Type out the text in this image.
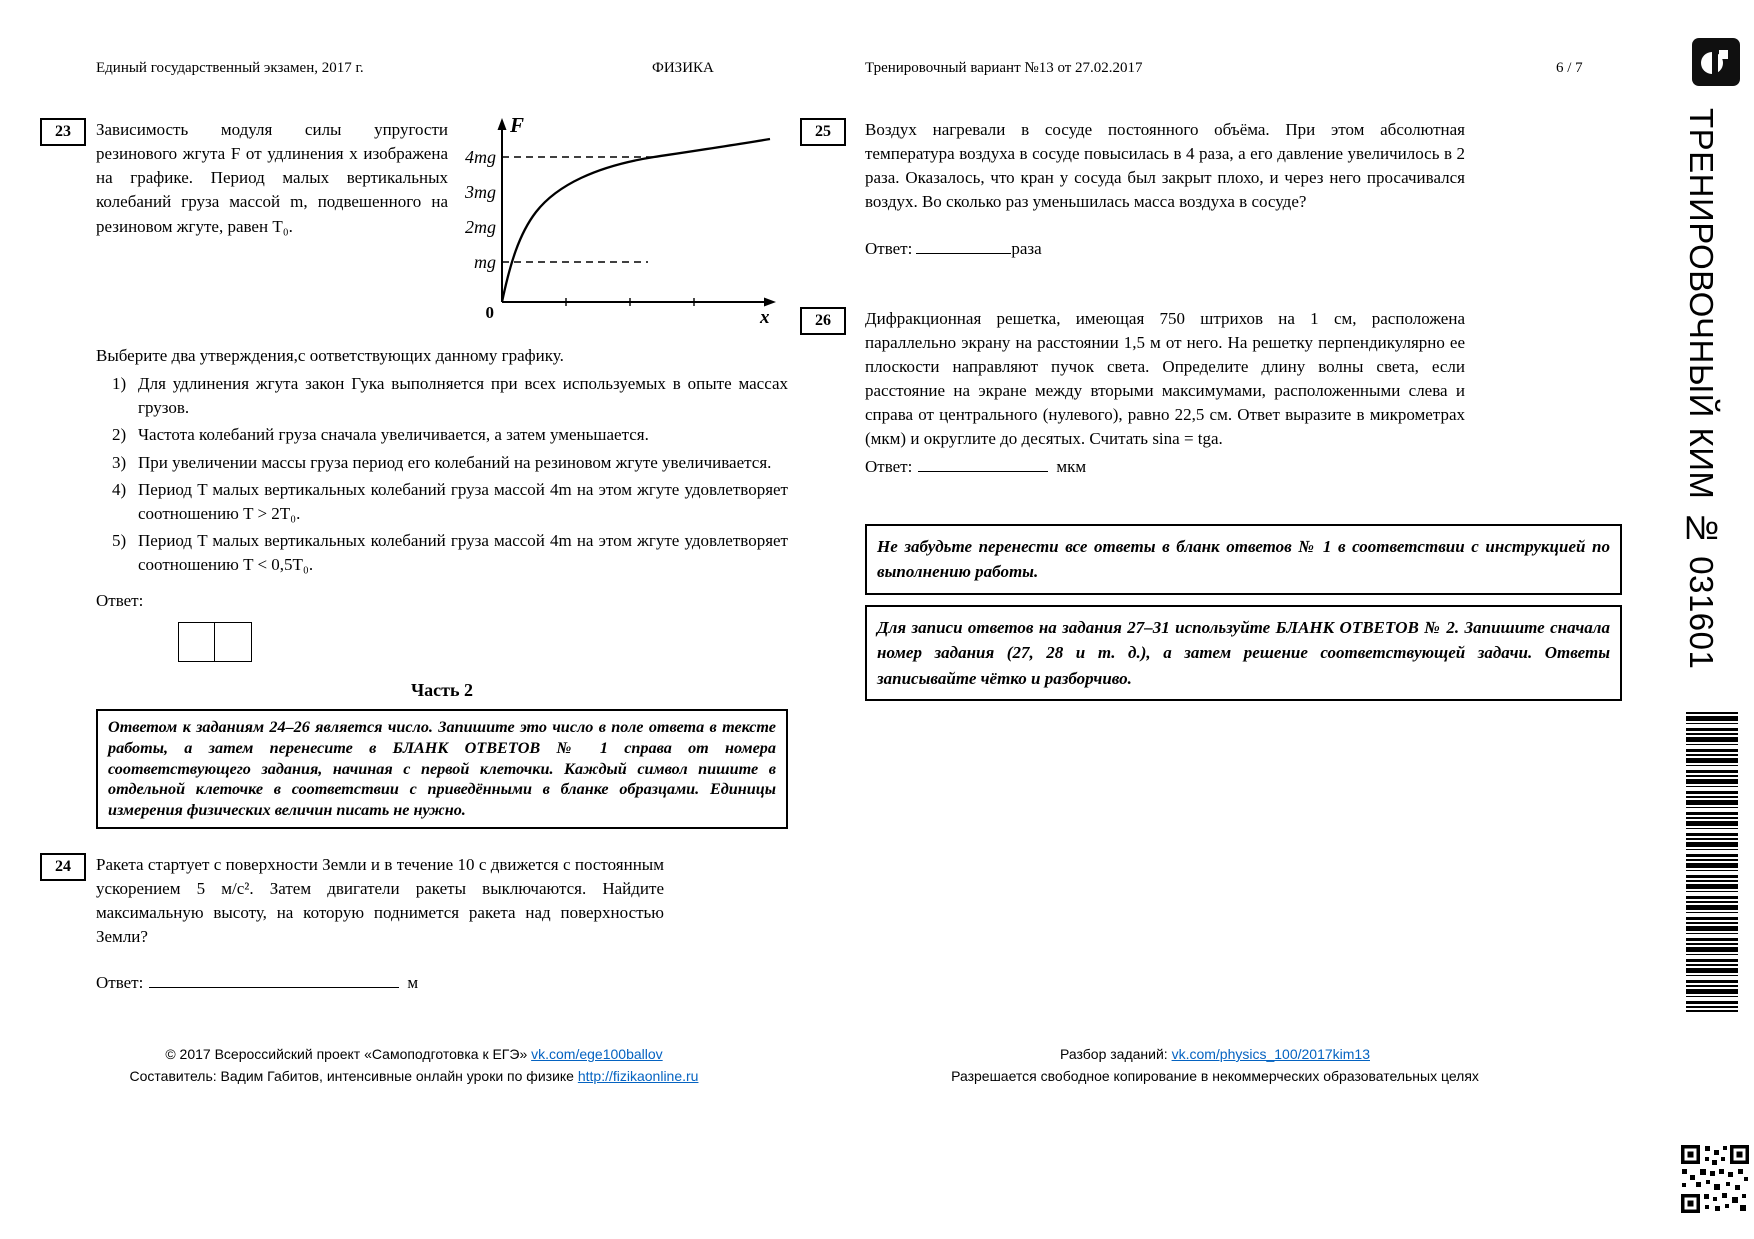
Единый государственный экзамен, 2017 г.	ФИЗИКА	Тренировочный вариант №13 от 27.02.2017	6 / 7
23	Зависимость модуля силы упругости резинового жгута F от удлинения x изображена на графике. Период малых вертикальных колебаний груза массой m, подвешенного на резиновом жгуте, равен T₀.

F
x
0
4mg
3mg
2mg
mg

Выберите два утверждения,с оответствующих данному графику.

1) Для удлинения жгута закон Гука выполняется при всех используемых в опыте массах грузов.
2) Частота колебаний груза сначала увеличивается, а затем уменьшается.
3) При увеличении массы груза период его колебаний на резиновом жгуте увеличивается.
4) Период T малых вертикальных колебаний груза массой 4m на этом жгуте удовлетворяет соотношению T > 2T₀.
5) Период T малых вертикальных колебаний груза массой 4m на этом жгуте удовлетворяет соотношению T < 0,5T₀.
Ответ:
Часть 2

Ответом к заданиям 24–26 является число. Запишите это число в поле ответа в тексте работы, а затем перенесите в БЛАНК ОТВЕТОВ № 1 справа от номера соответствующего задания, начиная с первой клеточки. Каждый символ пишите в отдельной клеточке в соответствии с приведёнными в бланке образцами. Единицы измерения физических величин писать не нужно.

24	Ракета стартует с поверхности Земли и в течение 10 с движется с постоянным ускорением 5 м/с². Затем двигатели ракеты выключаются. Найдите максимальную высоту, на которую поднимется ракета над поверхностью Земли?

Ответ:	м
25	Воздух нагревали в сосуде постоянного объёма. При этом абсолютная температура воздуха в сосуде повысилась в 4 раза, а его давление увеличилось в 2 раза. Оказалось, что кран у сосуда был закрыт плохо, и через него просачивался воздух. Во сколько раз уменьшилась масса воздуха в сосуде?

Ответ:	раза
26	Дифракционная решетка, имеющая 750 штрихов на 1 см, расположена параллельно экрану на расстоянии 1,5 м от него. На решетку перпендикулярно ее плоскости направляют пучок света. Определите длину волны света, если расстояние на экране между вторыми максимумами, расположенными слева и справа от центрального (нулевого), равно 22,5 см. Ответ выразите в микрометрах (мкм) и округлите до десятых. Считать sina = tga.

Ответ:	мкм

Не забудьте перенести все ответы в бланк ответов № 1 в соответствии с инструкцией по выполнению работы.

Для записи ответов на задания 27–31 используйте БЛАНК ОТВЕТОВ № 2. Запишите сначала номер задания (27, 28 и т. д.), а затем решение соответствующей задачи. Ответы записывайте чётко и разборчиво.

© 2017 Всероссийский проект «Самоподготовка к ЕГЭ» vk.com/ege100ballov
Составитель: Вадим Габитов, интенсивные онлайн уроки по физике http://fizikaonline.ru
Разбор заданий: vk.com/physics_100/2017kim13
Разрешается свободное копирование в некоммерческих образовательных целях
ТРЕНИРОВОЧНЫЙ КИМ № 031601
